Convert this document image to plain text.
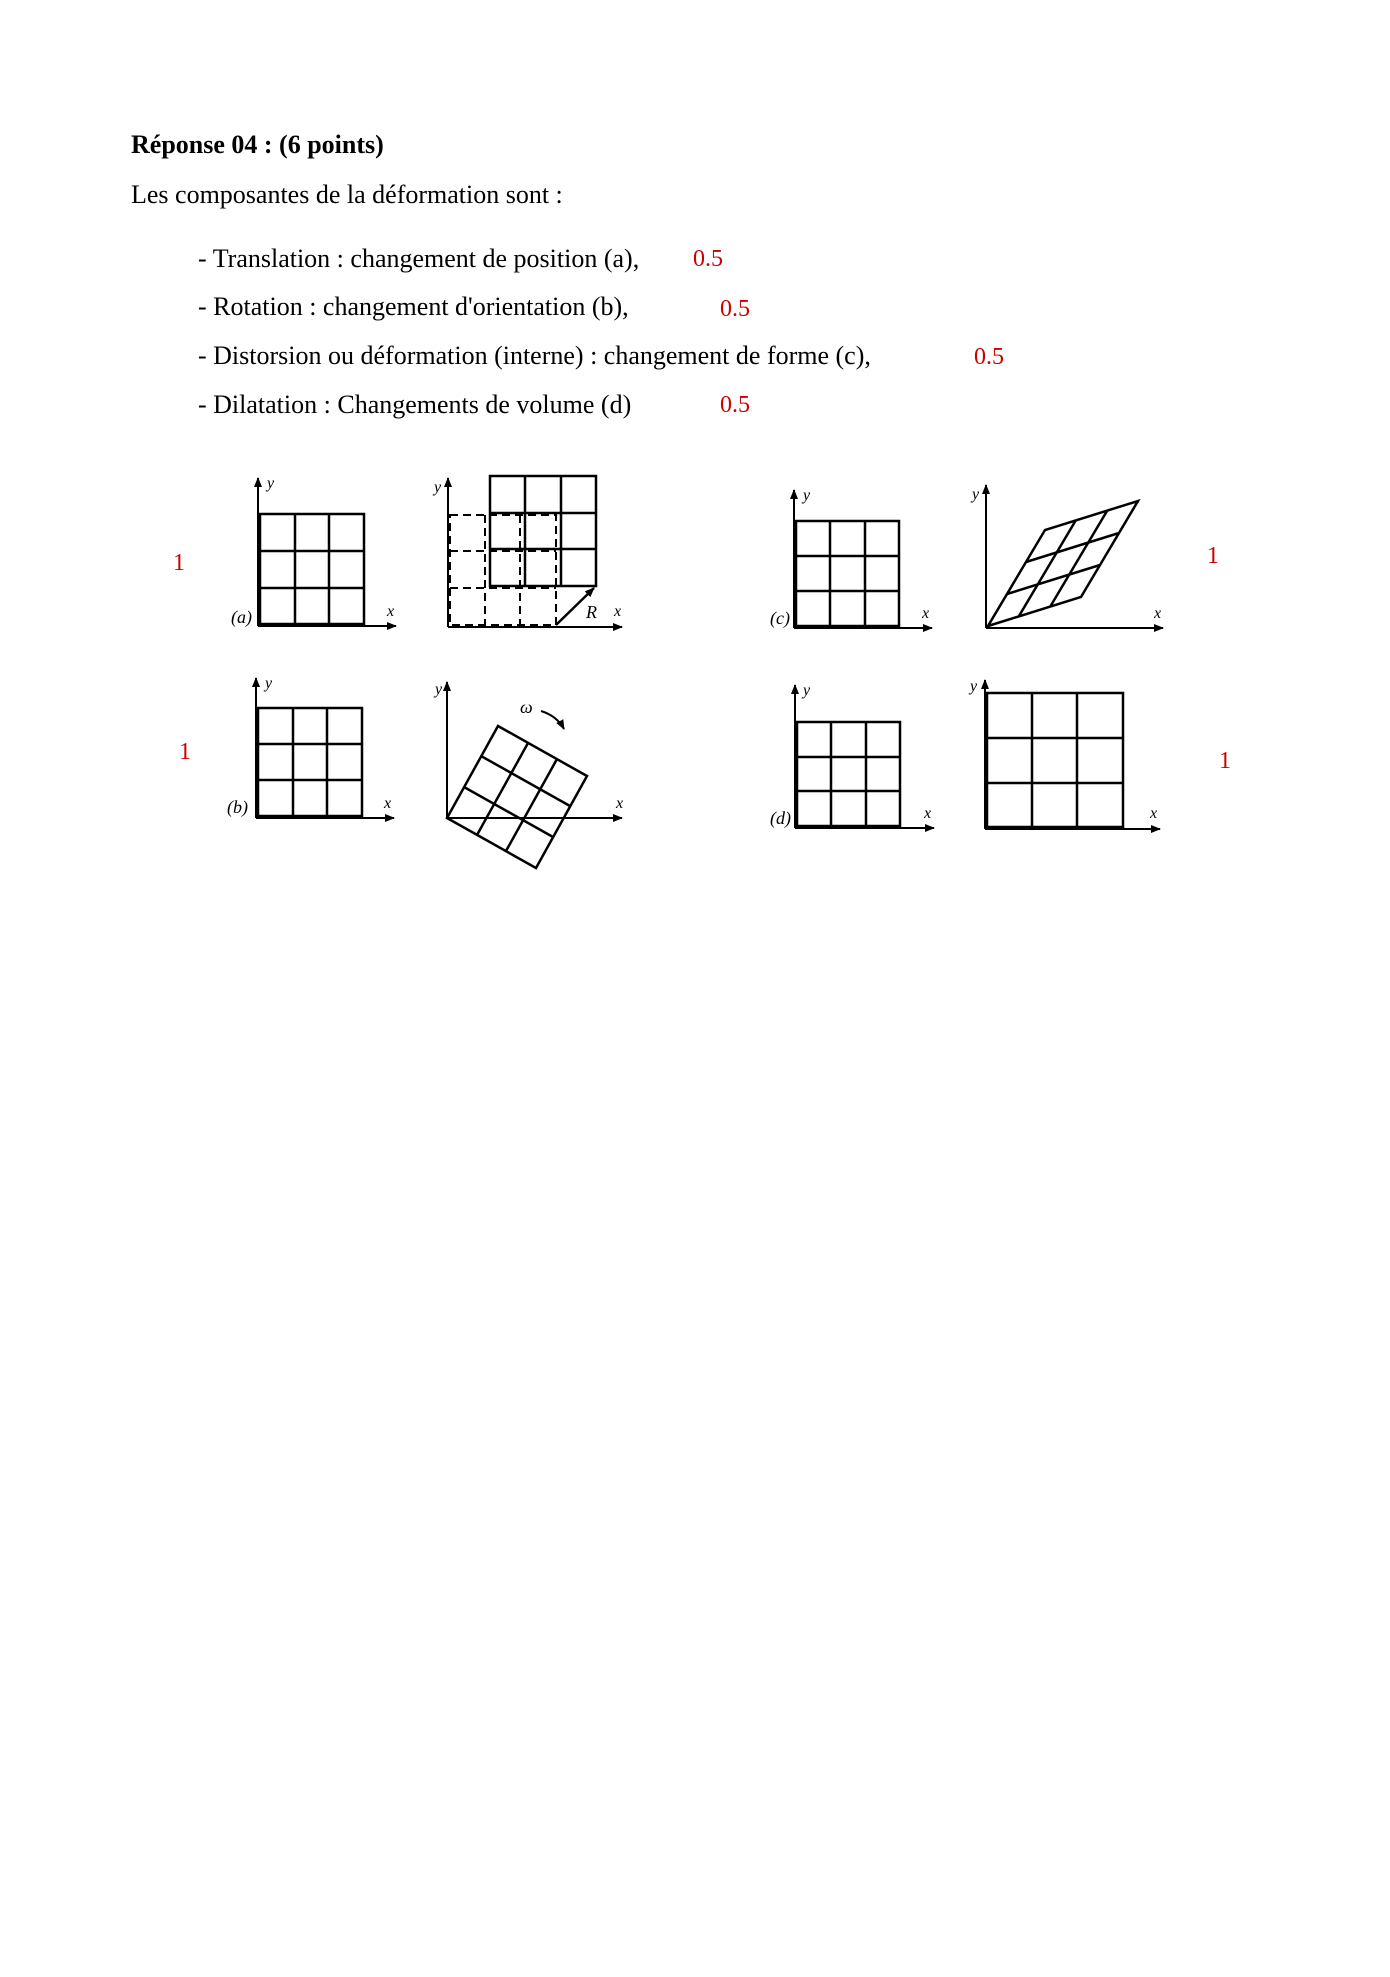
Réponse 04 : (6 points)

Les composantes de la déformation sont :

- Translation : changement de position (a), 0.5
- Rotation : changement d'orientation (b),	0.5
- Distorsion ou déformation (interne) : changement de forme (c),	0.5
- Dilatation : Changements de volume (d)	0.5
1
1
1
1
(a)
y
x	R
y
x
(b)
y
x
ω
y
x
(c)
y
x
y
x
(d)
y
x
y
x
